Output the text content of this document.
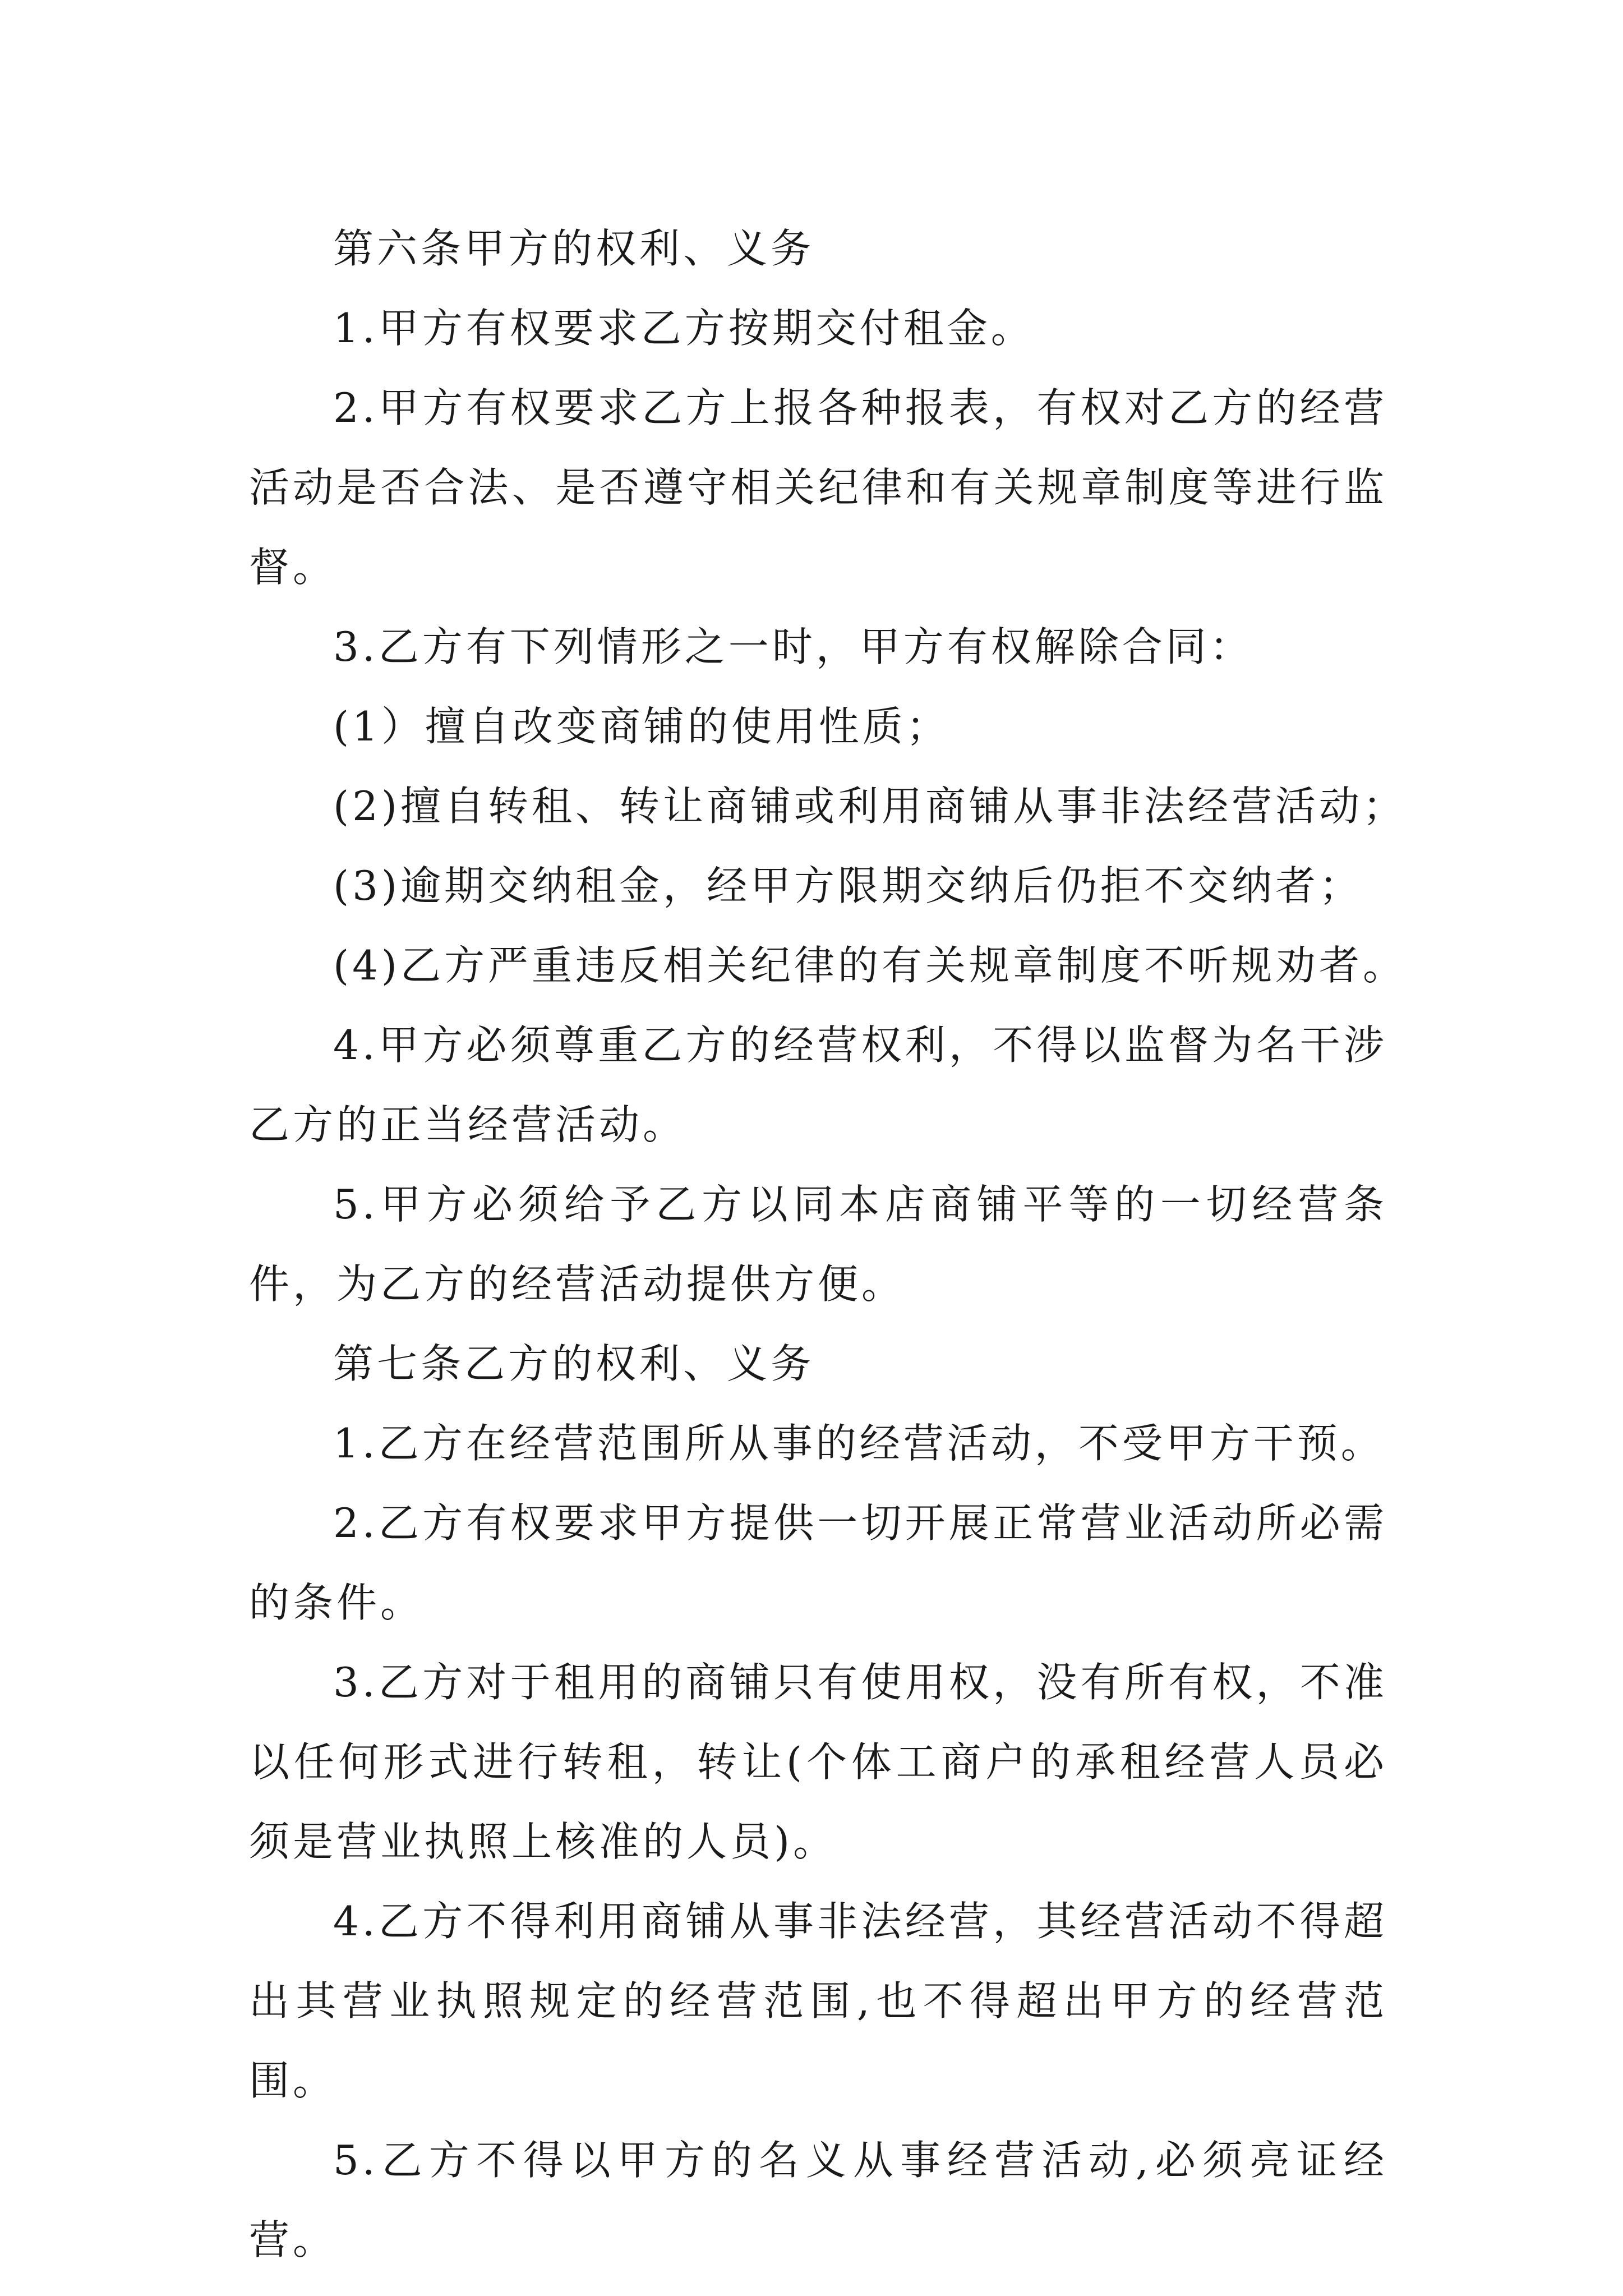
第六条甲方的权利、义务

1.甲方有权要求乙方按期交付租金。

2.甲方有权要求乙方上报各种报表，有权对乙方的经营活动是否合法、是否遵守相关纪律和有关规章制度等进行监督。

3.乙方有下列情形之一时，甲方有权解除合同：

(1）擅自改变商铺的使用性质；

(2)擅自转租、转让商铺或利用商铺从事非法经营活动；

(3)逾期交纳租金，经甲方限期交纳后仍拒不交纳者；

(4)乙方严重违反相关纪律的有关规章制度不听规劝者。

4.甲方必须尊重乙方的经营权利，不得以监督为名干涉乙方的正当经营活动。

5.甲方必须给予乙方以同本店商铺平等的一切经营条件，为乙方的经营活动提供方便。

第七条乙方的权利、义务

1.乙方在经营范围所从事的经营活动，不受甲方干预。

2.乙方有权要求甲方提供一切开展正常营业活动所必需的条件。

3.乙方对于租用的商铺只有使用权，没有所有权，不准以任何形式进行转租，转让(个体工商户的承租经营人员必须是营业执照上核准的人员)。

4.乙方不得利用商铺从事非法经营，其经营活动不得超出其营业执照规定的经营范围,也不得超出甲方的经营范围。

5.乙方不得以甲方的名义从事经营活动,必须亮证经营。
